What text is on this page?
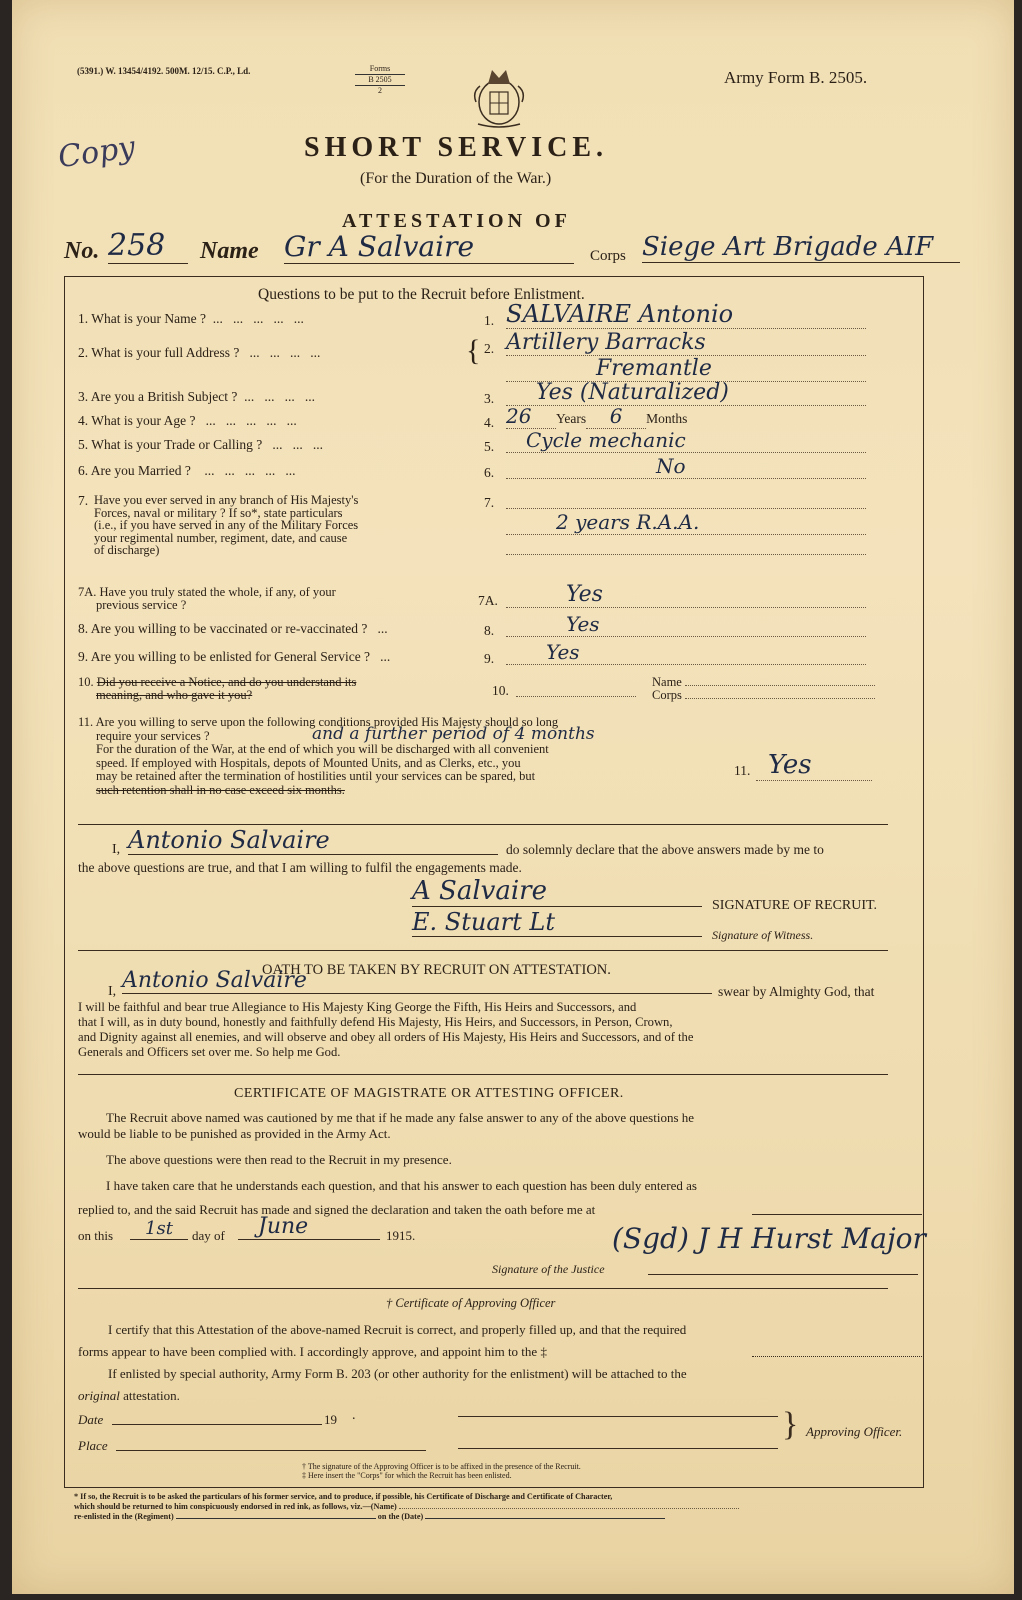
(5391.) W. 13454/4192. 500M. 12/15. C.P., Ld.	Forms
B 2505
2
Army Form B. 2505.
Copy	SHORT SERVICE.
(For the Duration of the War.)
ATTESTATION OF
No. 258	Name Gr A Salvaire	Corps Siege Art Brigade AIF
Questions to be put to the Recruit before Enlistment.
1. What is your Name ?  ...   ...   ...   ...   ...	1. SALVAIRE Antonio
2. What is your full Address ?   ...   ...   ...   ...	{ 2. Artillery Barracks
Fremantle
3. Are you a British Subject ?  ...   ...   ...   ...	3.	Yes (Naturalized)
4. What is your Age ?   ...   ...   ...   ...   ...	4. 26 Years 6 Months
5. What is your Trade or Calling ?   ...   ...   ...	5.	Cycle mechanic
6. Are you Married ?    ...   ...   ...   ...   ...	6.	No
7. Have you ever served in any branch of His Majesty's
Forces, naval or military ? If so*, state particulars
(i.e., if you have served in any of the Military Forces
your regimental number, regiment, date, and cause
of discharge)
7.
2 years R.A.A.
7A. Have you truly stated the whole, if any, of your
previous service ?	7A.	Yes
8. Are you willing to be vaccinated or re-vaccinated ?   ...	8.	Yes
9. Are you willing to be enlisted for General Service ?   ...	9.	Yes
10. Did you receive a Notice, and do you understand its
meaning, and who gave it you?	10.
Name
Corps
11. Are you willing to serve upon the following conditions provided His Majesty should so long
require your services ?
For the duration of the War, at the end of which you will be discharged with all convenient
speed. If employed with Hospitals, depots of Mounted Units, and as Clerks, etc., you
may be retained after the termination of hostilities until your services can be spared, but
such retention shall in no case exceed six months.
and a further period of 4 months
11. Yes
I, Antonio Salvaire	do solemnly declare that the above answers made by me to
the above questions are true, and that I am willing to fulfil the engagements made.
A Salvaire	SIGNATURE OF RECRUIT.
E. Stuart Lt	Signature of Witness.
OATH TO BE TAKEN BY RECRUIT ON ATTESTATION.
I, Antonio Salvaire	swear by Almighty God, that
I will be faithful and bear true Allegiance to His Majesty King George the Fifth, His Heirs and Successors, and
that I will, as in duty bound, honestly and faithfully defend His Majesty, His Heirs, and Successors, in Person, Crown,
and Dignity against all enemies, and will observe and obey all orders of His Majesty, His Heirs and Successors, and of the
Generals and Officers set over me. So help me God.
CERTIFICATE OF MAGISTRATE OR ATTESTING OFFICER.
The Recruit above named was cautioned by me that if he made any false answer to any of the above questions he
would be liable to be punished as provided in the Army Act.
The above questions were then read to the Recruit in my presence.
I have taken care that he understands each question, and that his answer to each question has been duly entered as
replied to, and the said Recruit has made and signed the declaration and taken the oath before me at
on this	1st	day of	June	1915.	(Sgd) J H Hurst Major
Signature of the Justice
† Certificate of Approving Officer
I certify that this Attestation of the above-named Recruit is correct, and properly filled up, and that the required
forms appear to have been complied with. I accordingly approve, and appoint him to the ‡
If enlisted by special authority, Army Form B. 203 (or other authority for the enlistment) will be attached to the
original attestation.
Date	19 .
Place
} Approving Officer.
† The signature of the Approving Officer is to be affixed in the presence of the Recruit.
‡ Here insert the "Corps" for which the Recruit has been enlisted.
* If so, the Recruit is to be asked the particulars of his former service, and to produce, if possible, his Certificate of Discharge and Certificate of Character,
which should be returned to him conspicuously endorsed in red ink, as follows, viz.—(Name)
re-enlisted in the (Regiment)	on the (Date)
